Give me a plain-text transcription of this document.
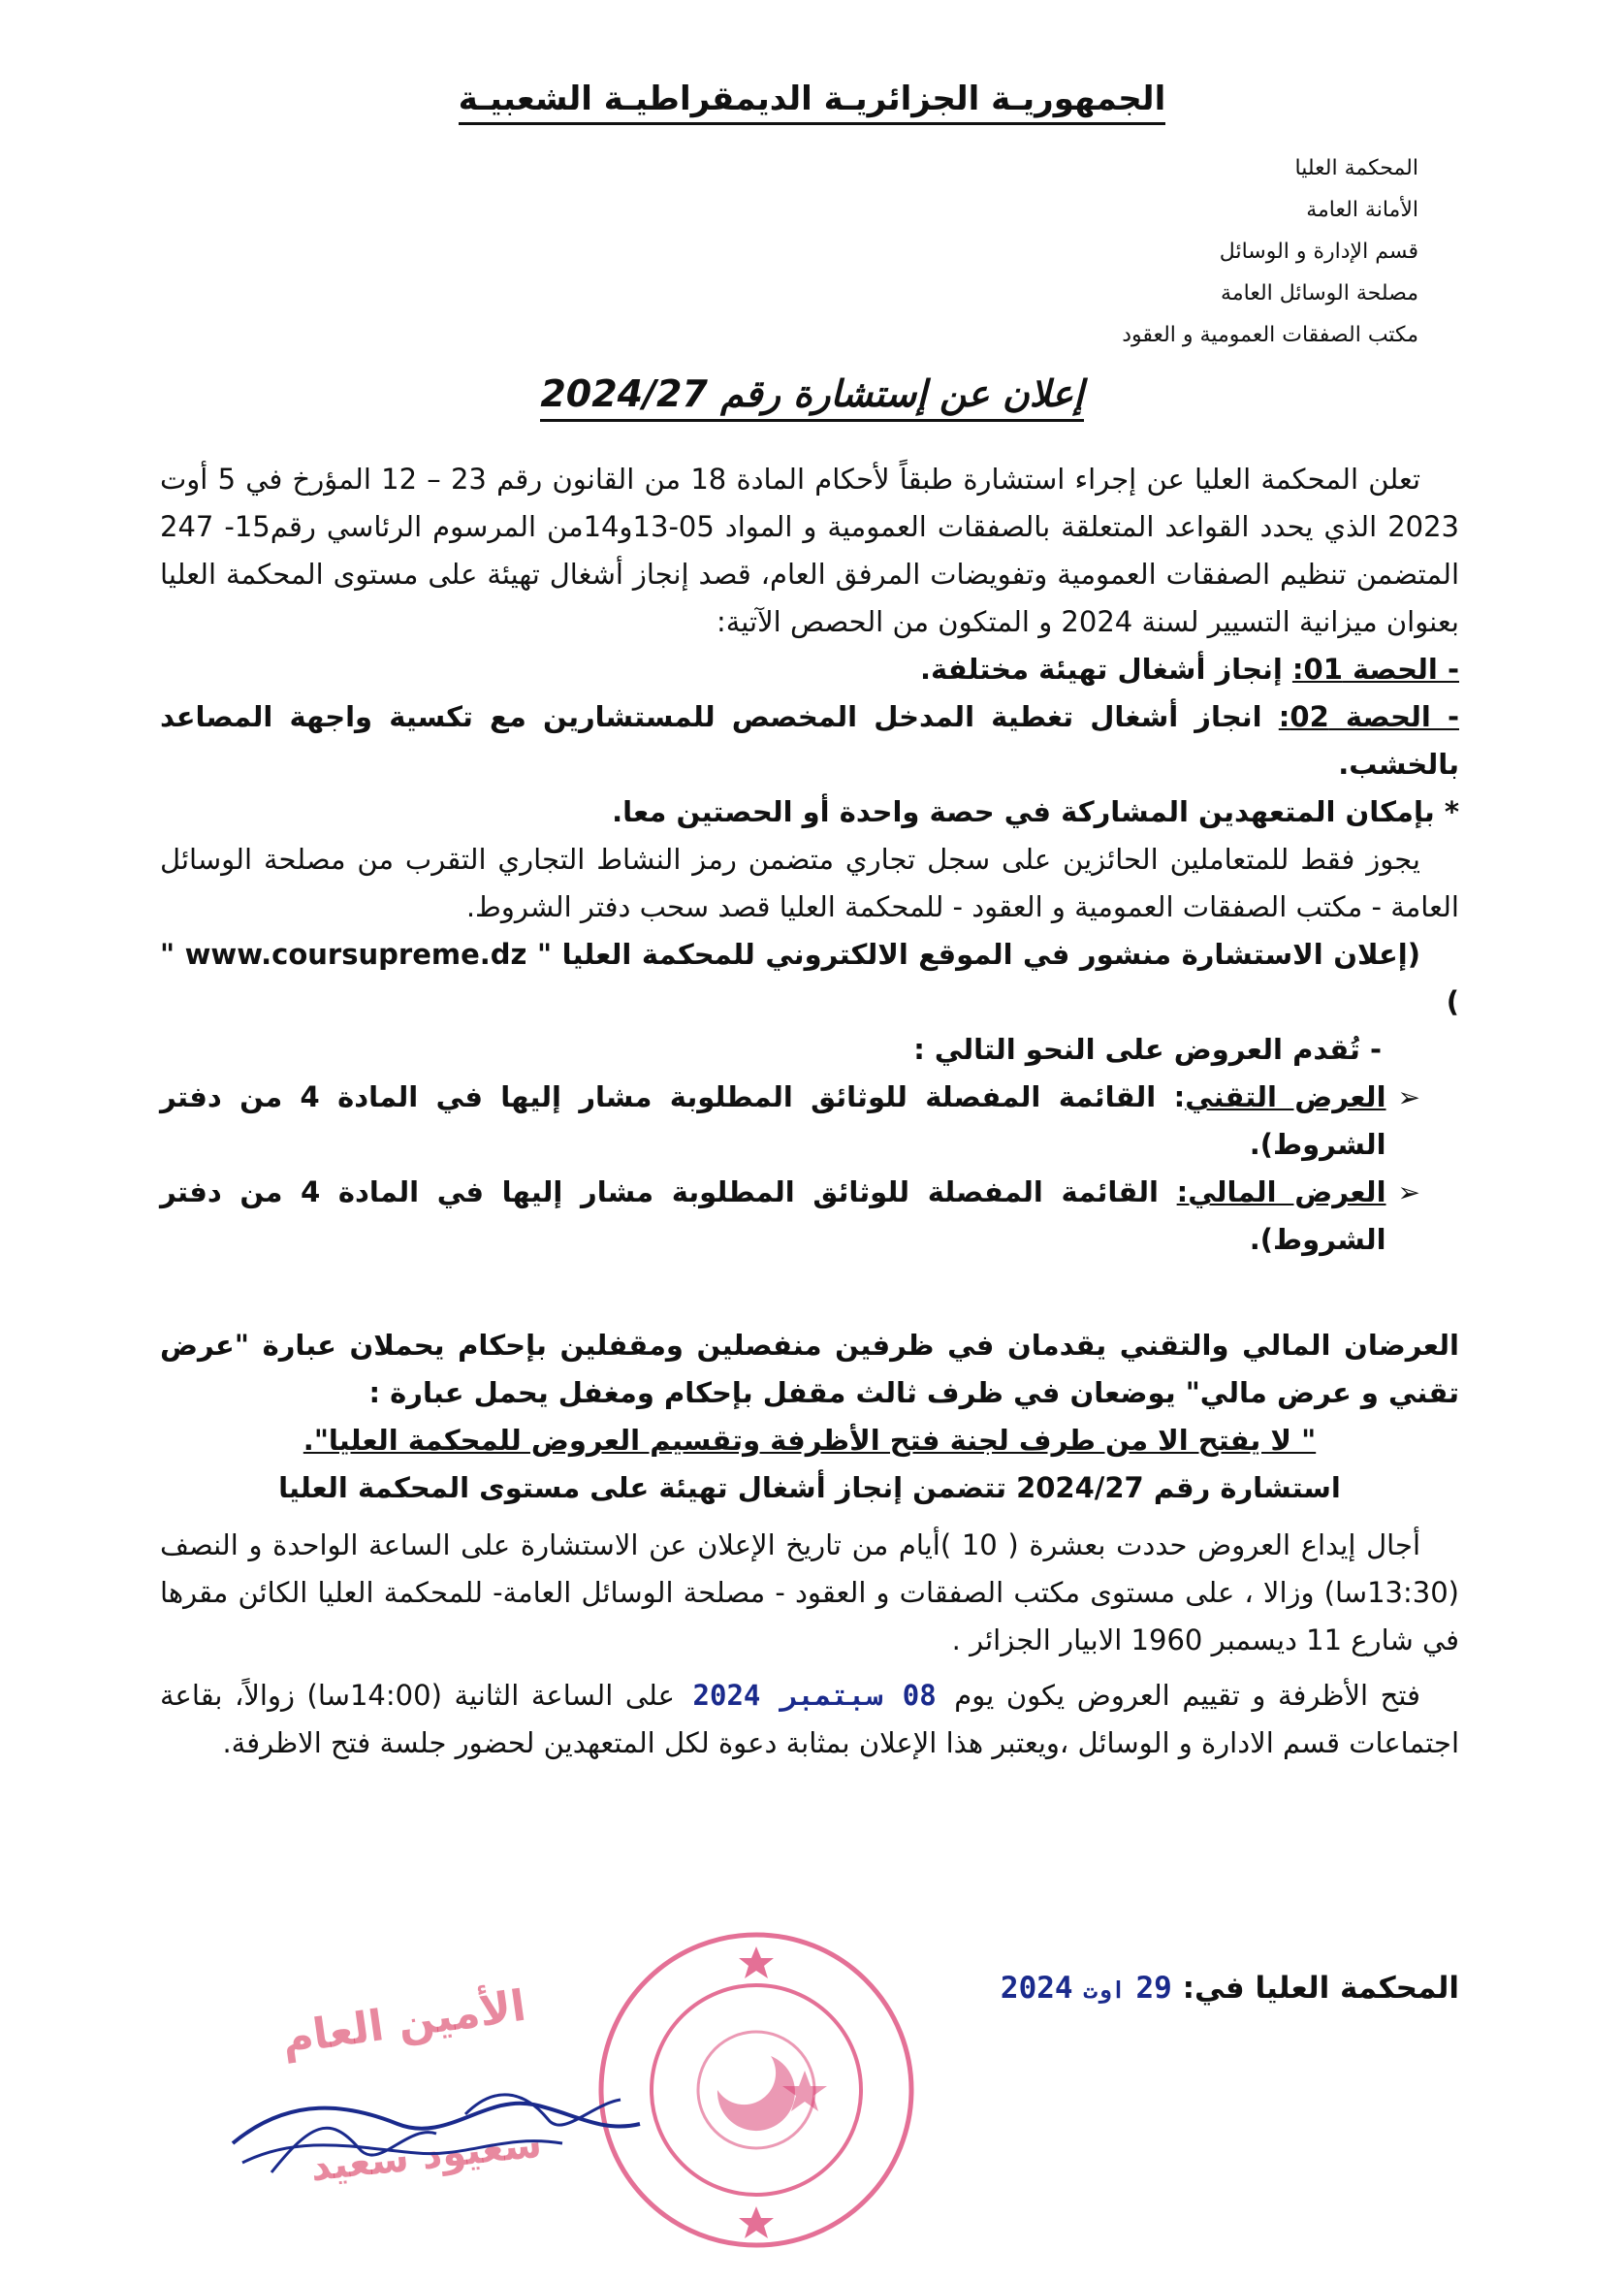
الجمهوريـة الجزائريـة الديمقراطيـة الشعبيـة
المحكمة العليا
الأمانة العامة
قسم الإدارة و الوسائل
مصلحة الوسائل العامة
مكتب الصفقات العمومية و العقود
إعلان عن إستشارة رقم 2024/27

تعلن المحكمة العليا عن إجراء استشارة طبقاً لأحكام المادة 18 من القانون رقم 23 – 12 المؤرخ في 5 أوت 2023 الذي يحدد القواعد المتعلقة بالصفقات العمومية و المواد 05-13و14من المرسوم الرئاسي رقم15- 247 المتضمن تنظيم الصفقات العمومية وتفويضات المرفق العام، قصد إنجاز أشغال تهيئة على مستوى المحكمة العليا بعنوان ميزانية التسيير لسنة 2024 و المتكون من الحصص الآتية:

- الحصة 01: إنجاز أشغال تهيئة مختلفة.

- الحصة 02: انجاز أشغال تغطية المدخل المخصص للمستشارين مع تكسية واجهة المصاعد بالخشب.

* بإمكان المتعهدين المشاركة في حصة واحدة أو الحصتين معا.

يجوز فقط للمتعاملين الحائزين على سجل تجاري متضمن رمز النشاط التجاري التقرب من مصلحة الوسائل العامة - مكتب الصفقات العمومية و العقود - للمحكمة العليا قصد سحب دفتر الشروط.

(إعلان الاستشارة منشور في الموقع الالكتروني للمحكمة العليا " www.coursupreme.dz " )

- تُقدم العروض على النحو التالي :

➢
العرض التقني: القائمة المفصلة للوثائق المطلوبة مشار إليها في المادة 4 من دفتر الشروط).
➢
العرض المالي: القائمة المفصلة للوثائق المطلوبة مشار إليها في المادة 4 من دفتر الشروط).

العرضان المالي والتقني يقدمان في ظرفين منفصلين ومقفلين بإحكام يحملان عبارة "عرض تقني و عرض مالي" يوضعان في ظرف ثالث مقفل بإحكام ومغفل يحمل عبارة :

" لا يفتح الا من طرف لجنة فتح الأظرفة وتقسيم العروض للمحكمة العليا".

استشارة رقم 2024/27 تتضمن إنجاز أشغال تهيئة على مستوى المحكمة العليا

أجال إيداع العروض حددت بعشرة ( 10 )أيام من تاريخ الإعلان عن الاستشارة على الساعة الواحدة و النصف (13:30سا) وزالا ، على مستوى مكتب الصفقات و العقود - مصلحة الوسائل العامة- للمحكمة العليا الكائن مقرها في شارع 11 ديسمبر 1960 الابيار الجزائر .

فتح الأظرفة و تقييم العروض يكون يوم 08 سبتمبر 2024 على الساعة الثانية (14:00سا) زوالاً، بقاعة اجتماعات قسم الادارة و الوسائل ،ويعتبر هذا الإعلان بمثابة دعوة لكل المتعهدين لحضور جلسة فتح الاظرفة.

المحكمة العليا في: 29 اوت 2024
الأمين العام
سعيود سعيد
